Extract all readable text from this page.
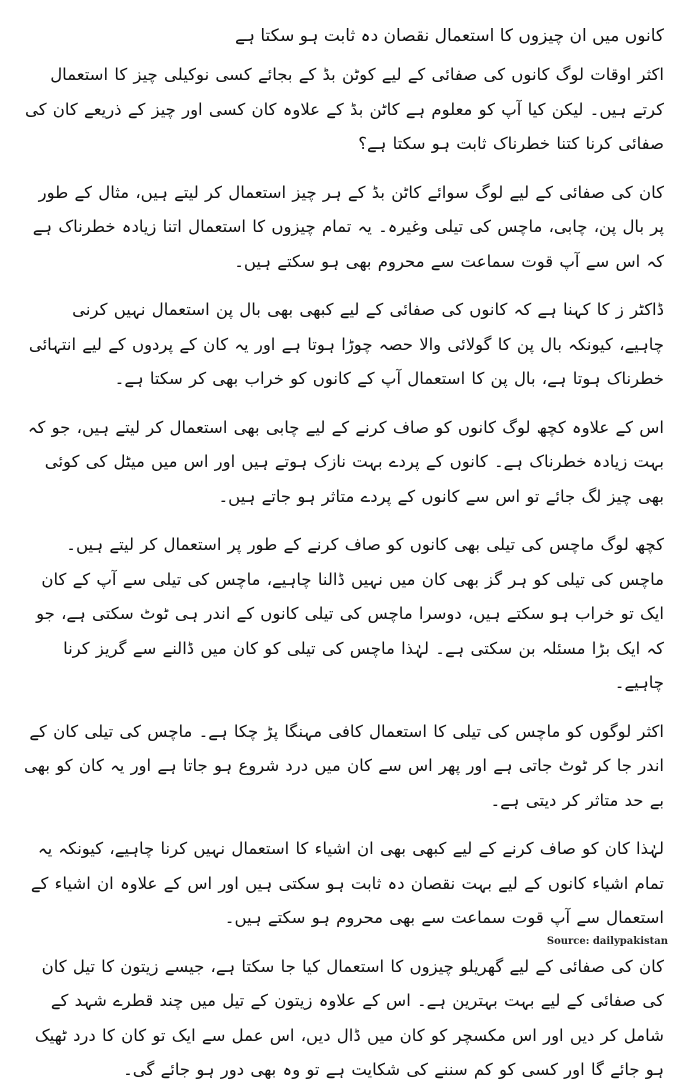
کانوں میں ان چیزوں کا استعمال نقصان دہ ثابت ہو سکتا ہے
اکثر اوقات لوگ کانوں کی صفائی کے لیے کوٹن بڈ کے بجائے کسی نوکیلی چیز کا استعمال کرتے ہیں۔ لیکن کیا آپ کو معلوم ہے کاٹن بڈ کے علاوہ کان کسی اور چیز کے ذریعے کان کی صفائی کرنا کتنا خطرناک ثابت ہو سکتا ہے؟
کان کی صفائی کے لیے لوگ سوائے کاٹن بڈ کے ہر چیز استعمال کر لیتے ہیں، مثال کے طور پر بال پن، چابی، ماچس کی تیلی وغیرہ۔ یہ تمام چیزوں کا استعمال اتنا زیادہ خطرناک ہے کہ اس سے آپ قوت سماعت سے محروم بھی ہو سکتے ہیں۔
ڈاکٹر ز کا کہنا ہے کہ کانوں کی صفائی کے لیے کبھی بھی بال پن استعمال نہیں کرنی چاہیے، کیونکہ بال پن کا گولائی والا حصہ چوڑا ہوتا ہے اور یہ کان کے پردوں کے لیے انتہائی خطرناک ہوتا ہے، بال پن کا استعمال آپ کے کانوں کو خراب بھی کر سکتا ہے۔
اس کے علاوہ کچھ لوگ کانوں کو صاف کرنے کے لیے چابی بھی استعمال کر لیتے ہیں، جو کہ بہت زیادہ خطرناک ہے۔ کانوں کے پردے بہت نازک ہوتے ہیں اور اس میں میٹل کی کوئی بھی چیز لگ جائے تو اس سے کانوں کے پردے متاثر ہو جاتے ہیں۔
کچھ لوگ ماچس کی تیلی بھی کانوں کو صاف کرنے کے طور پر استعمال کر لیتے ہیں۔ ماچس کی تیلی کو ہر گز بھی کان میں نہیں ڈالنا چاہیے، ماچس کی تیلی سے آپ کے کان ایک تو خراب ہو سکتے ہیں، دوسرا ماچس کی تیلی کانوں کے اندر ہی ٹوٹ سکتی ہے، جو کہ ایک بڑا مسئلہ بن سکتی ہے۔ لہٰذا ماچس کی تیلی کو کان میں ڈالنے سے گریز کرنا چاہیے۔
اکثر لوگوں کو ماچس کی تیلی کا استعمال کافی مہنگا پڑ چکا ہے۔ ماچس کی تیلی کان کے اندر جا کر ٹوٹ جاتی ہے اور پھر اس سے کان میں درد شروع ہو جاتا ہے اور یہ کان کو بھی بے حد متاثر کر دیتی ہے۔
لہٰذا کان کو صاف کرنے کے لیے کبھی بھی ان اشیاء کا استعمال نہیں کرنا چاہیے، کیونکہ یہ تمام اشیاء کانوں کے لیے بہت نقصان دہ ثابت ہو سکتی ہیں اور اس کے علاوہ ان اشیاء کے استعمال سے آپ قوت سماعت سے بھی محروم ہو سکتے ہیں۔
کان کی صفائی کے لیے گھریلو چیزوں کا استعمال کیا جا سکتا ہے، جیسے زیتون کا تیل کان کی صفائی کے لیے بہت بہترین ہے۔ اس کے علاوہ زیتون کے تیل میں چند قطرے شہد کے شامل کر دیں اور اس مکسچر کو کان میں ڈال دیں، اس عمل سے ایک تو کان کا درد ٹھیک ہو جائے گا اور کسی کو کم سننے کی شکایت ہے تو وہ بھی دور ہو جائے گی۔
Source: dailypakistan
